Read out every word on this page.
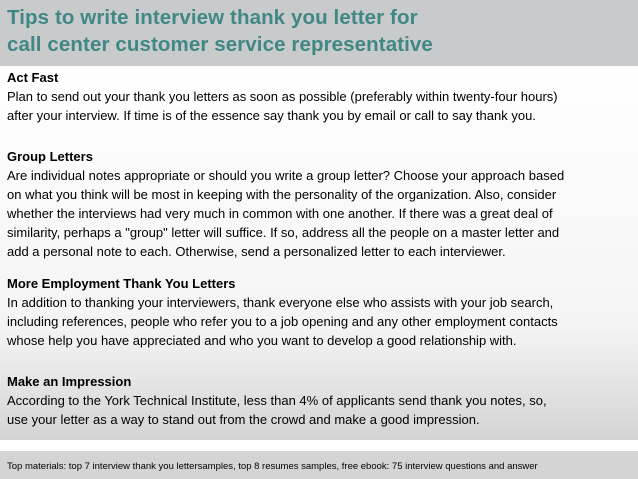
Tips to write interview thank you letter for
call center customer service representative

Act Fast

Plan to send out your thank you letters as soon as possible (preferably within twenty-four hours)

after your interview. If time is of the essence say thank you by email or call to say thank you.

Group Letters

Are individual notes appropriate or should you write a group letter? Choose your approach based

on what you think will be most in keeping with the personality of the organization. Also, consider

whether the interviews had very much in common with one another. If there was a great deal of

similarity, perhaps a "group" letter will suffice. If so, address all the people on a master letter and

add a personal note to each. Otherwise, send a personalized letter to each interviewer.

More Employment Thank You Letters

In addition to thanking your interviewers, thank everyone else who assists with your job search,

including references, people who refer you to a job opening and any other employment contacts

whose help you have appreciated and who you want to develop a good relationship with.

Make an Impression

According to the York Technical Institute, less than 4% of applicants send thank you notes, so,

use your letter as a way to stand out from the crowd and make a good impression.

Top materials: top 7 interview thank you lettersamples, top 8 resumes samples, free ebook: 75 interview questions and answer
